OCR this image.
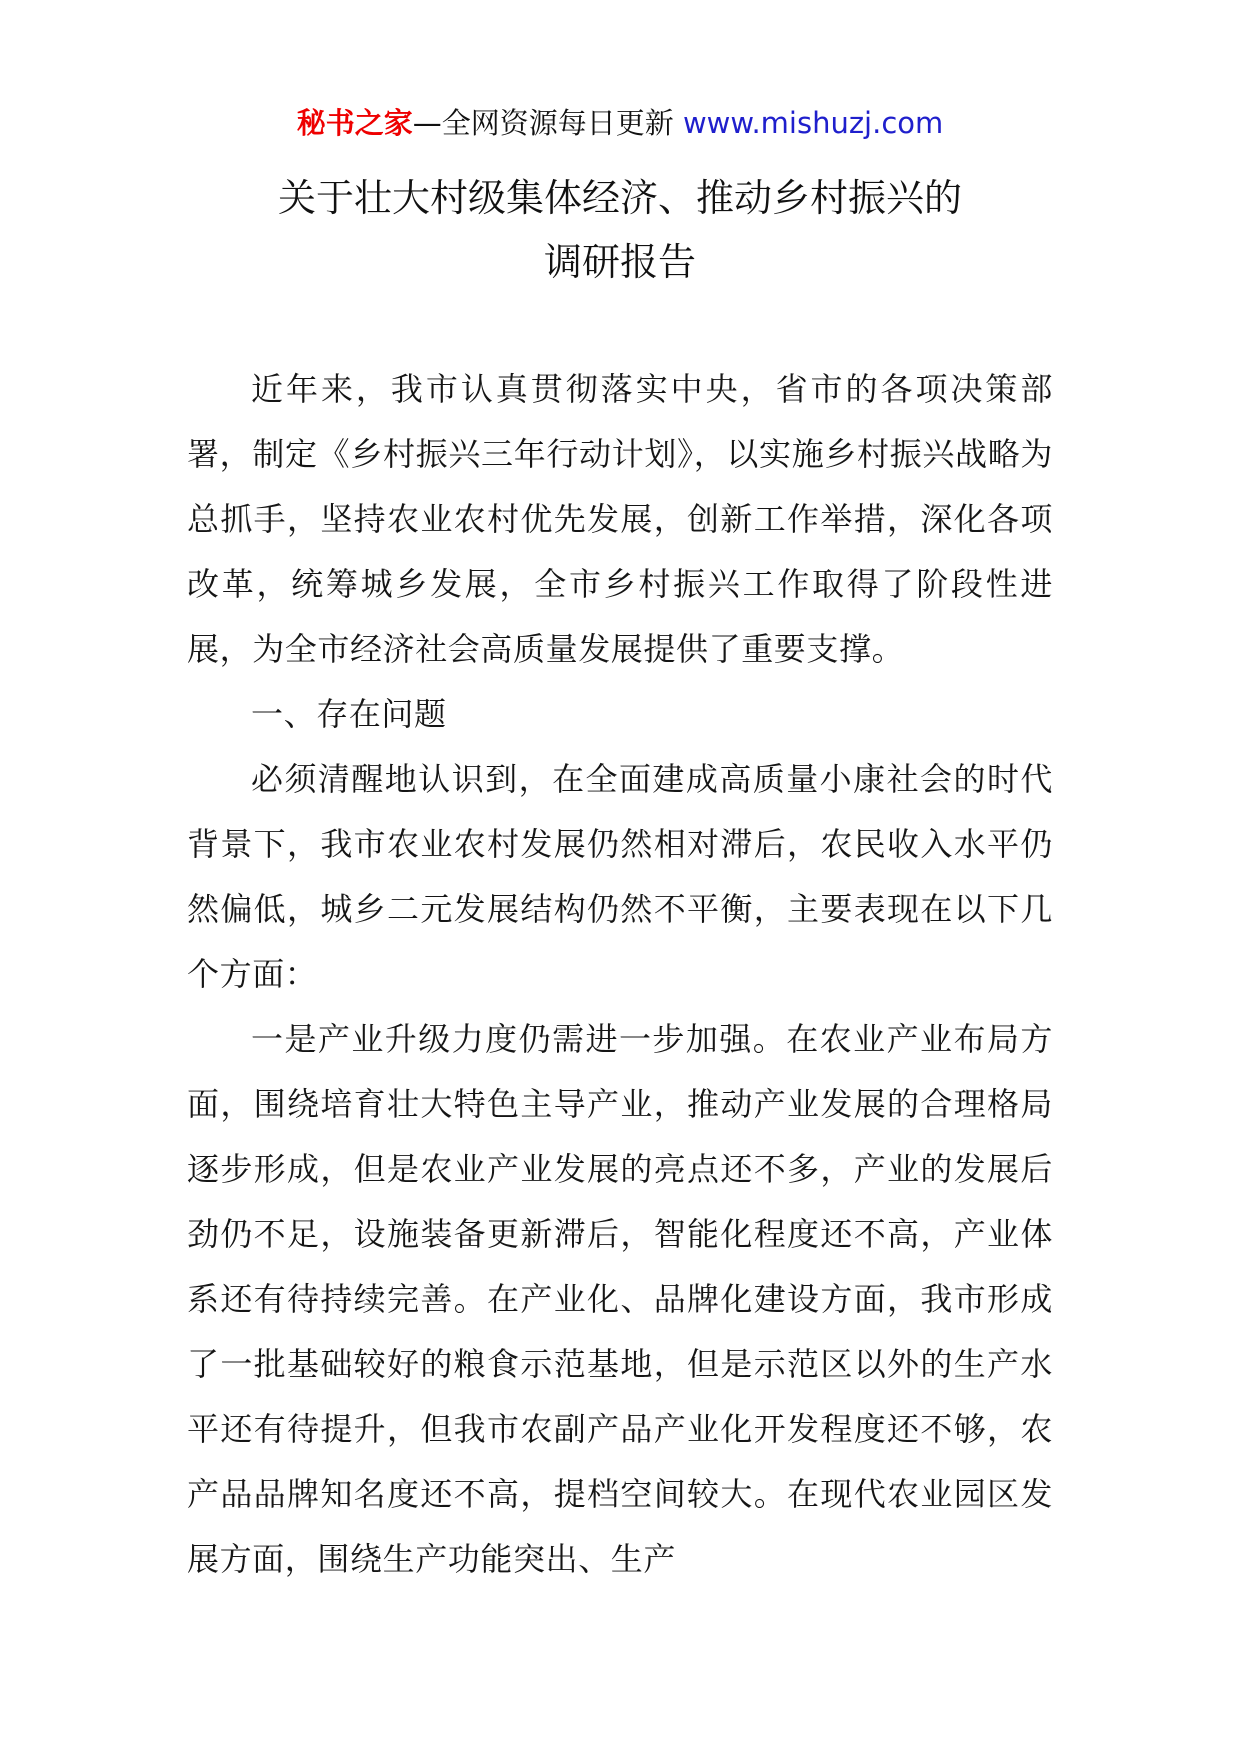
秘书之家—全网资源每日更新 www.mishuzj.com
关于壮大村级集体经济、推动乡村振兴的
调研报告

近年来，我市认真贯彻落实中央，省市的各项决策部署，制定《乡村振兴三年行动计划》，以实施乡村振兴战略为总抓手，坚持农业农村优先发展，创新工作举措，深化各项改革，统筹城乡发展，全市乡村振兴工作取得了阶段性进展，为全市经济社会高质量发展提供了重要支撑。

一、存在问题

必须清醒地认识到，在全面建成高质量小康社会的时代背景下，我市农业农村发展仍然相对滞后，农民收入水平仍然偏低，城乡二元发展结构仍然不平衡，主要表现在以下几个方面：

一是产业升级力度仍需进一步加强。在农业产业布局方面，围绕培育壮大特色主导产业，推动产业发展的合理格局逐步形成，但是农业产业发展的亮点还不多，产业的发展后劲仍不足，设施装备更新滞后，智能化程度还不高，产业体系还有待持续完善。在产业化、品牌化建设方面，我市形成了一批基础较好的粮食示范基地，但是示范区以外的生产水平还有待提升，但我市农副产品产业化开发程度还不够，农产品品牌知名度还不高，提档空间较大。在现代农业园区发展方面，围绕生产功能突出、生产
